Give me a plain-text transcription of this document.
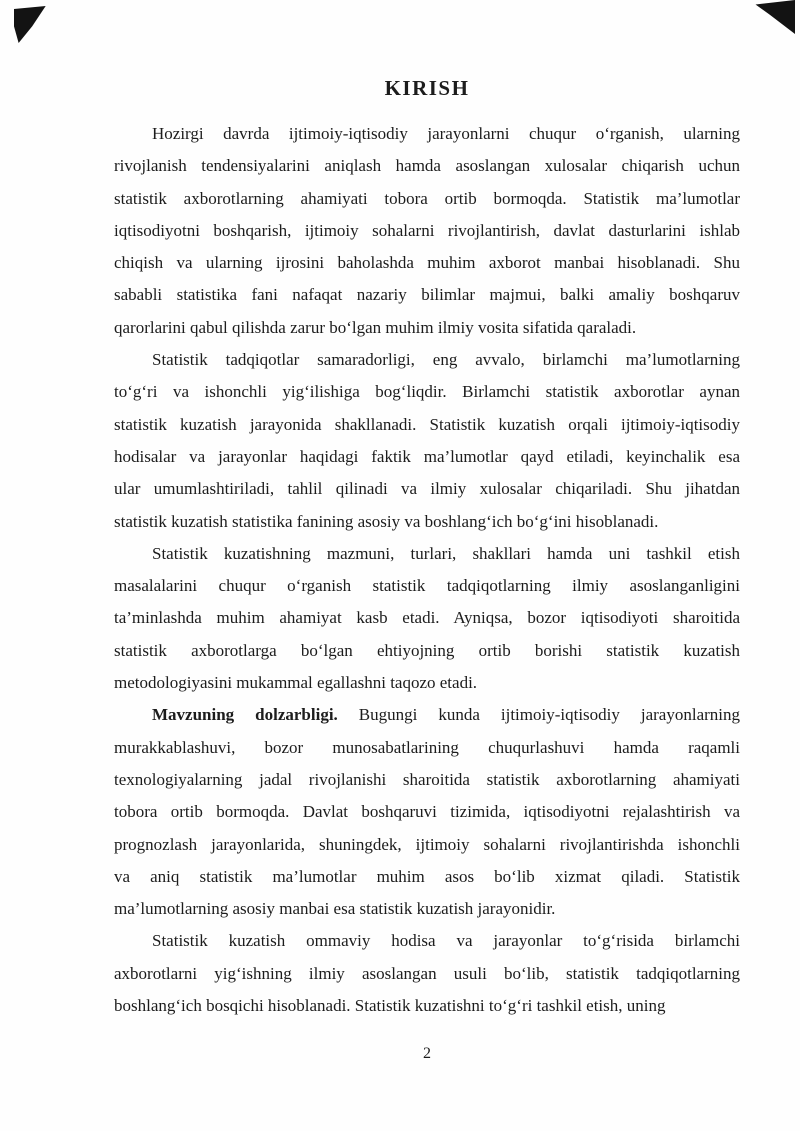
KIRISH
Hozirgi davrda ijtimoiy-iqtisodiy jarayonlarni chuqur oʻrganish, ularning
rivojlanish tendensiyalarini aniqlash hamda asoslangan xulosalar chiqarish uchun
statistik axborotlarning ahamiyati tobora ortib bormoqda. Statistik ma’lumotlar
iqtisodiyotni boshqarish, ijtimoiy sohalarni rivojlantirish, davlat dasturlarini ishlab
chiqish va ularning ijrosini baholashda muhim axborot manbai hisoblanadi. Shu
sababli statistika fani nafaqat nazariy bilimlar majmui, balki amaliy boshqaruv
qarorlarini qabul qilishda zarur boʻlgan muhim ilmiy vosita sifatida qaraladi.
Statistik tadqiqotlar samaradorligi, eng avvalo, birlamchi ma’lumotlarning
toʻgʻri va ishonchli yigʻilishiga bogʻliqdir. Birlamchi statistik axborotlar aynan
statistik kuzatish jarayonida shakllanadi. Statistik kuzatish orqali ijtimoiy-iqtisodiy
hodisalar va jarayonlar haqidagi faktik ma’lumotlar qayd etiladi, keyinchalik esa
ular umumlashtiriladi, tahlil qilinadi va ilmiy xulosalar chiqariladi. Shu jihatdan
statistik kuzatish statistika fanining asosiy va boshlangʻich boʻgʻini hisoblanadi.
Statistik kuzatishning mazmuni, turlari, shakllari hamda uni tashkil etish
masalalarini chuqur oʻrganish statistik tadqiqotlarning ilmiy asoslanganligini
ta’minlashda muhim ahamiyat kasb etadi. Ayniqsa, bozor iqtisodiyoti sharoitida
statistik axborotlarga boʻlgan ehtiyojning ortib borishi statistik kuzatish
metodologiyasini mukammal egallashni taqozo etadi.
Mavzuning dolzarbligi. Bugungi kunda ijtimoiy-iqtisodiy jarayonlarning
murakkablashuvi, bozor munosabatlarining chuqurlashuvi hamda raqamli
texnologiyalarning jadal rivojlanishi sharoitida statistik axborotlarning ahamiyati
tobora ortib bormoqda. Davlat boshqaruvi tizimida, iqtisodiyotni rejalashtirish va
prognozlash jarayonlarida, shuningdek, ijtimoiy sohalarni rivojlantirishda ishonchli
va aniq statistik ma’lumotlar muhim asos boʻlib xizmat qiladi. Statistik
ma’lumotlarning asosiy manbai esa statistik kuzatish jarayonidir.
Statistik kuzatish ommaviy hodisa va jarayonlar toʻgʻrisida birlamchi
axborotlarni yigʻishning ilmiy asoslangan usuli boʻlib, statistik tadqiqotlarning
boshlangʻich bosqichi hisoblanadi. Statistik kuzatishni toʻgʻri tashkil etish, uning
2
